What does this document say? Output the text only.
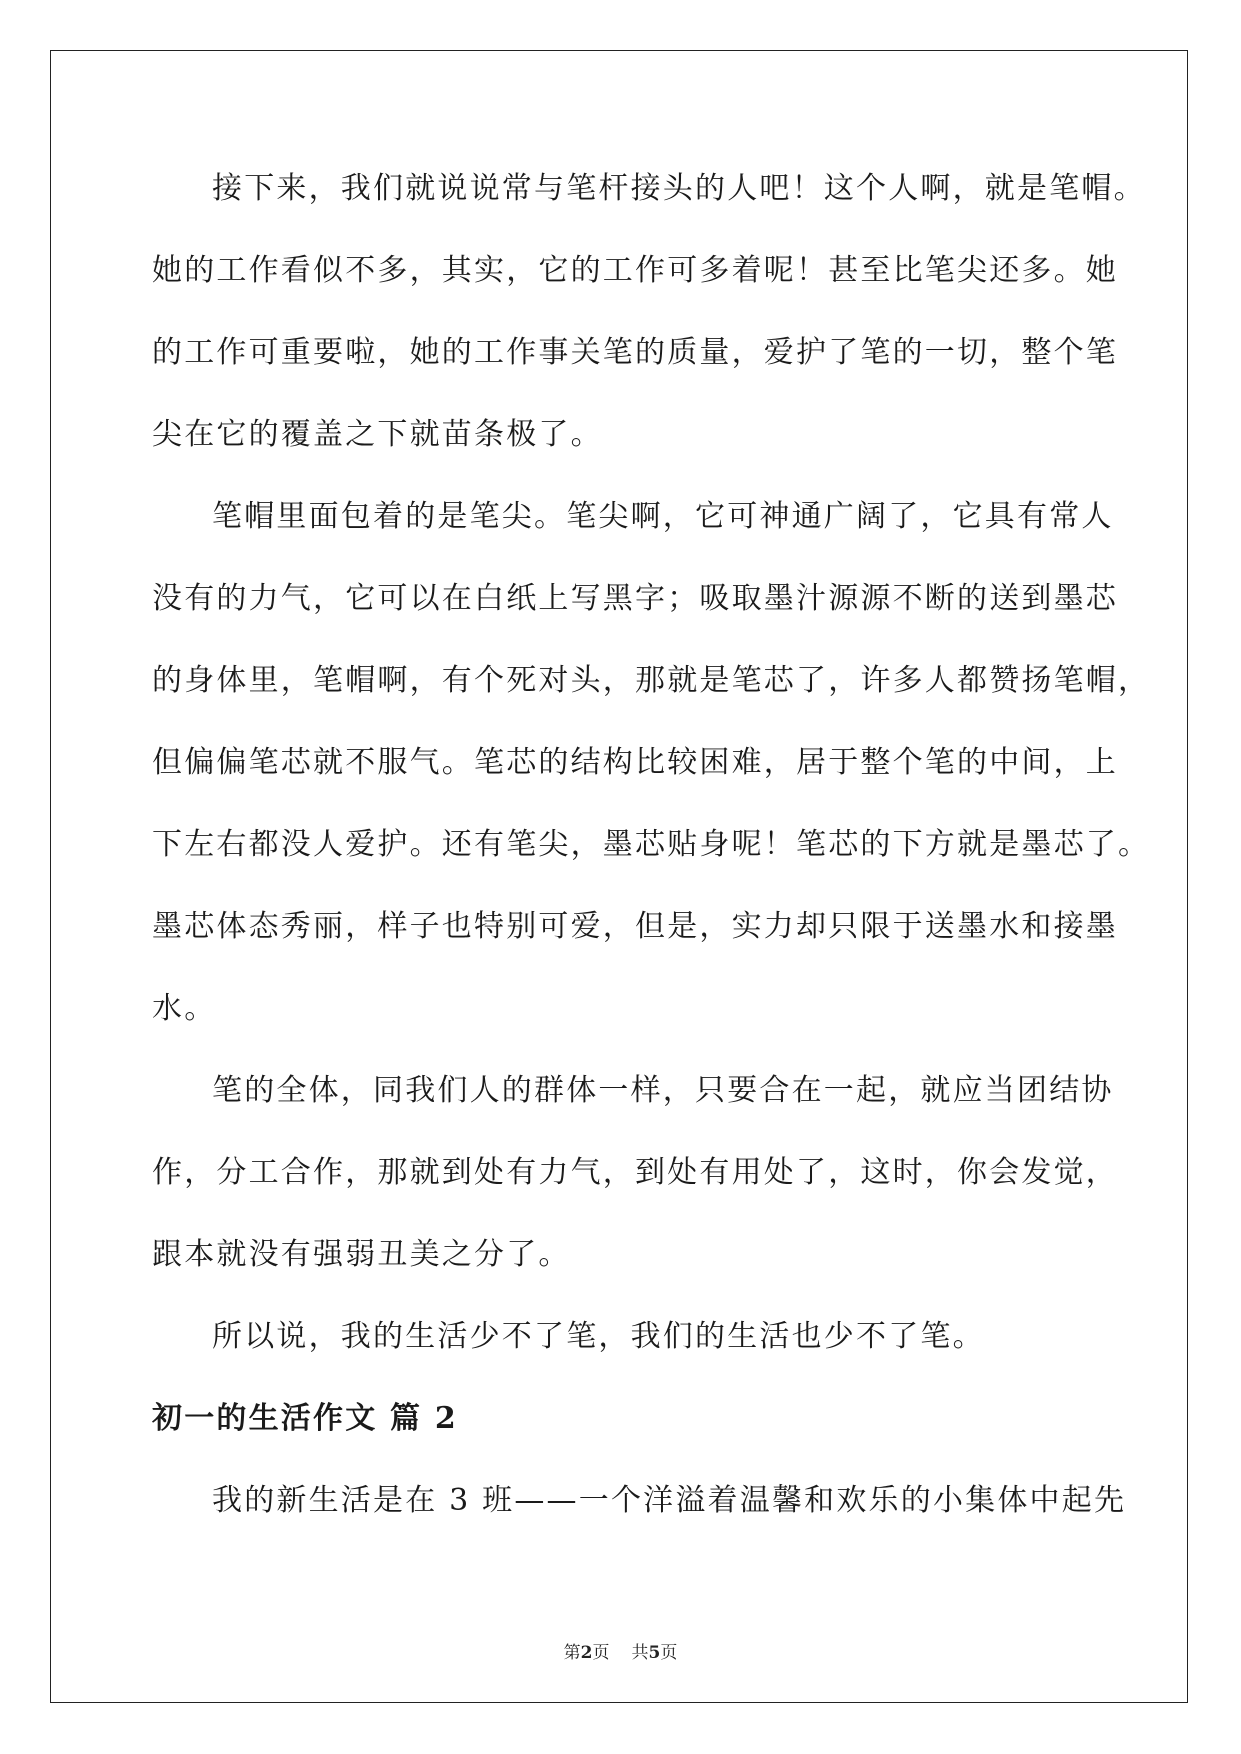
接下来，我们就说说常与笔杆接头的人吧！这个人啊，就是笔帽。
她的工作看似不多，其实，它的工作可多着呢！甚至比笔尖还多。她
的工作可重要啦，她的工作事关笔的质量，爱护了笔的一切，整个笔
尖在它的覆盖之下就苗条极了。

笔帽里面包着的是笔尖。笔尖啊，它可神通广阔了，它具有常人
没有的力气，它可以在白纸上写黑字；吸取墨汁源源不断的送到墨芯
的身体里，笔帽啊，有个死对头，那就是笔芯了，许多人都赞扬笔帽，
但偏偏笔芯就不服气。笔芯的结构比较困难，居于整个笔的中间，上
下左右都没人爱护。还有笔尖，墨芯贴身呢！笔芯的下方就是墨芯了。
墨芯体态秀丽，样子也特别可爱，但是，实力却只限于送墨水和接墨
水。

笔的全体，同我们人的群体一样，只要合在一起，就应当团结协
作，分工合作，那就到处有力气，到处有用处了，这时，你会发觉，
跟本就没有强弱丑美之分了。

所以说，我的生活少不了笔，我们的生活也少不了笔。

初一的生活作文 篇 2

我的新生活是在 3 班——一个洋溢着温馨和欢乐的小集体中起先

第2页 共5页
